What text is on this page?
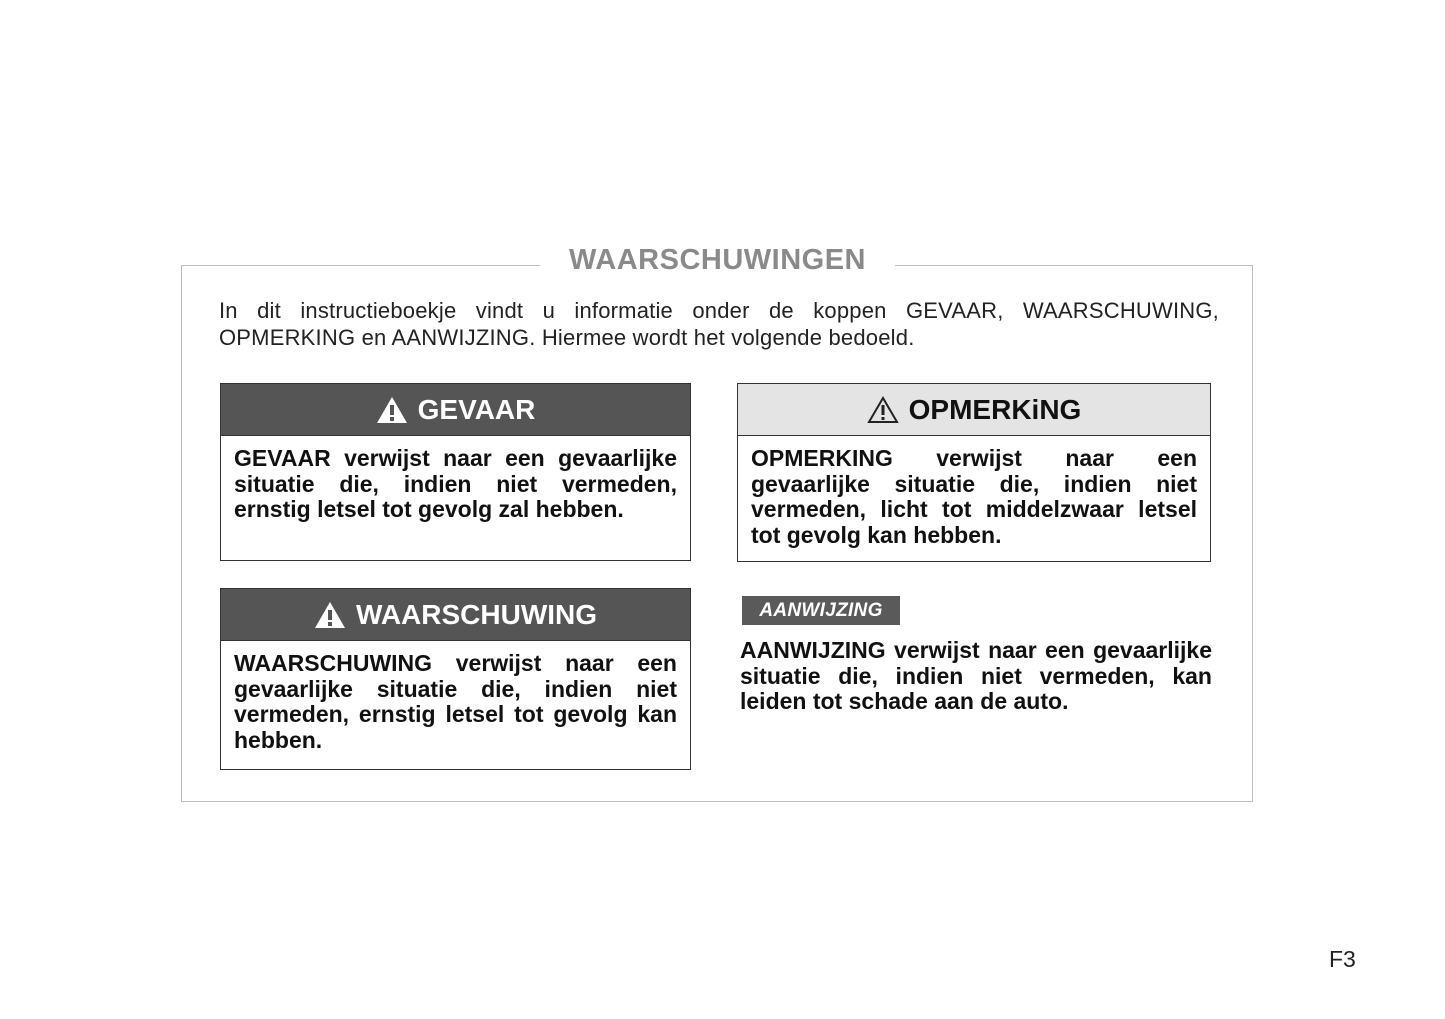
WAARSCHUWINGEN
In dit instructieboekje vindt u informatie onder de koppen GEVAAR, WAARSCHUWING, OPMERKING en AANWIJZING. Hiermee wordt het volgende bedoeld.
GEVAAR
GEVAAR verwijst naar een gevaarlijke situatie die, indien niet vermeden, ernstig letsel tot gevolg zal hebben.
OPMERKiNG
OPMERKING verwijst naar een gevaarlijke situatie die, indien niet vermeden, licht tot middelzwaar letsel tot gevolg kan hebben.
WAARSCHUWING
WAARSCHUWING verwijst naar een gevaarlijke situatie die, indien niet vermeden, ernstig letsel tot gevolg kan hebben.
AANWIJZING
AANWIJZING verwijst naar een gevaarlijke situatie die, indien niet vermeden, kan leiden tot schade aan de auto.
F3
